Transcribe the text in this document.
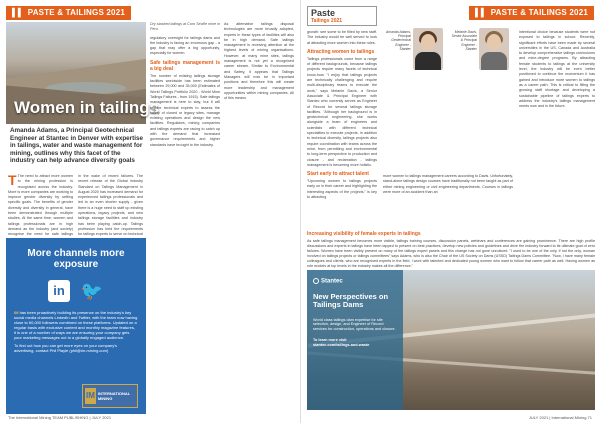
▌▌ PASTE & TAILINGS 2021
Women in tailings
Amanda Adams, a Principal Geotechnical Engineer at Stantec in Denver with expertise in tailings, water and waste management for mining, outlines why this facet of the industry can help advance diversity goals
T The need to attract more women to the mining profession is recognised across the industry. More is more companies are working to improve gender diversity by setting specific goals. The benefits of gender diversity and diversity in general, have been demonstrated through multiple studies. At the same time, women and tailings professionals are in high demand as the industry (and society) recognise the need for safe tailings
in the wake of recent failures. The recent release of the Global Industry Standard on Tailings Management in August 2020 has increased demand for experienced tailings professionals and led to an even shorter supply - given there is a huge need to staff up existing operations, legacy projects, and new tailings storage facilities and industry has been playing catch-up. Tailings profession has held the requirements for tailings experts to serve on technical
Dry stacked tailings at Coro Seville mine in Peru
regulatory oversight for tailings dams and the industry is facing an enormous gap - a gap that may offer a big opportunity, especially for women.
Safe tailings management is a big deal
The number of existing tailings storage facilities worldwide has been estimated between 29,000 and 35,000 (Estimates of World Tailings Portfolio 2020 - World Mine Tailings Failures - from 1915). Safe tailings management is here to stay, but it will require technical experts to assess the safety of closed or legacy sites, manage existing operations and design the new facilities. Regulators, mining companies and tailings experts are racing to catch up with the demand that increased governance requirements and higher standards have brought to the industry.
As alternative tailings disposal technologies are more broadly adopted, experts in these types of facilities will also be in high demand. Safe tailings management is receiving attention at the highest levels of mining organisations. However, at many mine sites, tailings management is not yet a recognised career stream. Similar to Environmental and Safety, it appears that Tailings Managers will now be in important positions and therefore this will create more leadership and management opportunities within mining companies. All of this means
More channels more exposure
in 🐦

IM has been proactively building its presence on the industry's key social media channels LinkedIn and Twitter, with the team now having close to 60,000 followers combined on these platforms. Updated on a regular basis with exclusive content and monthly magazine features, it is one of a number of ways we are ensuring your company gets your marketing messages out to a globally engaged audience.

To find out how you can get more eyes on your company's advertising, contact Phil Playle (phil@im-mining.com)

IM INTERNATIONAL MINING
The International Mining TEAM PUBLISHING | JULY 2021
Paste
Tailings 2021
▌▌ PASTE & TAILINGS 2021
Amanda Adams, Principal Geotechnical Engineer - Stantec
Melanie Davis, Senior Associate & Principal Engineer - Stantec
growth: see some to be filled by new staff. The industry would be well served to look at attracting more women into these roles.
Attracting women to tailings
Tailings professionals come from a range of different backgrounds, because tailings projects require many facets of technical know-how. "I enjoy that tailings projects are technically challenging and require multi-disciplinary teams to execute the work," says Melanie Davis, a Senior Associate & Principal Engineer with Stantec who currently serves as Engineer of Record for several tailings storage facilities. "Although her background is in geotechnical engineering, she works alongside a team of engineers and scientists with different technical specialities to execute projects. In addition to technical diversity, tailings projects also require coordination with teams across the mine, from permitting and environmental to long-term perspective to production and closure - and reclamation - tailings management is becoming more holistic.
Start early to attract talent
"Upcoming women to tailings projects early on in their career and highlighting the interesting aspects of the projects," is key to attracting
more women to tailings management careers according to Davis. Unfortunately, stand-alone tailings design courses have traditionally not been taught as part of either mining engineering or civil engineering departments. Courses in tailings were more of an accident than an
intentional choice because students were not exposed to tailings in school. Recently, significant efforts have been made by several universities in the US, Canada and Australia to develop comprehensive tailings curriculums and mine-degree programs. By attracting female students to tailings at the university level, the industry will be even better positioned to continue the momentum it has gained and introduce more women to tailings as a career path. This is critical to filling the growing staff shortage and developing a sustainable pipeline of tailings experts to address the industry's tailings management needs now and in the future.
Increasing visibility of female experts in tailings
As safe tailings management becomes more visible, tailings training courses, discussion panels, webinars and conferences are gaining prominence. There are high profile discussions and experts in tailings have been tapped to present on best practices, develop new policies and guidelines and drive the industry forward to its ultimate goal of zero failures. Women have been visibly present on many of the tailings expert panels and this change has not gone unnoticed. "I used to be one of the only, if not the only, woman involved on tailings projects or tailings committees" says Adams, who is also the Chair of the US Society on Dams (USSD) Tailings Dams Committee. "Now, I have many female colleagues and clients, who are recognised experts in the field. I work with talented and dedicated young women who want to follow that career path as well. Having women as role models at top levels in the industry makes all the difference."
Stantec
New Perspectives on Tailings Dams
World class tailings dam expertise for site selection, design, and Engineer of Record services for construction, operations and closure.
To learn more visit
stantec.com/tailings-and-waste
JULY 2021 | International Mining 71
